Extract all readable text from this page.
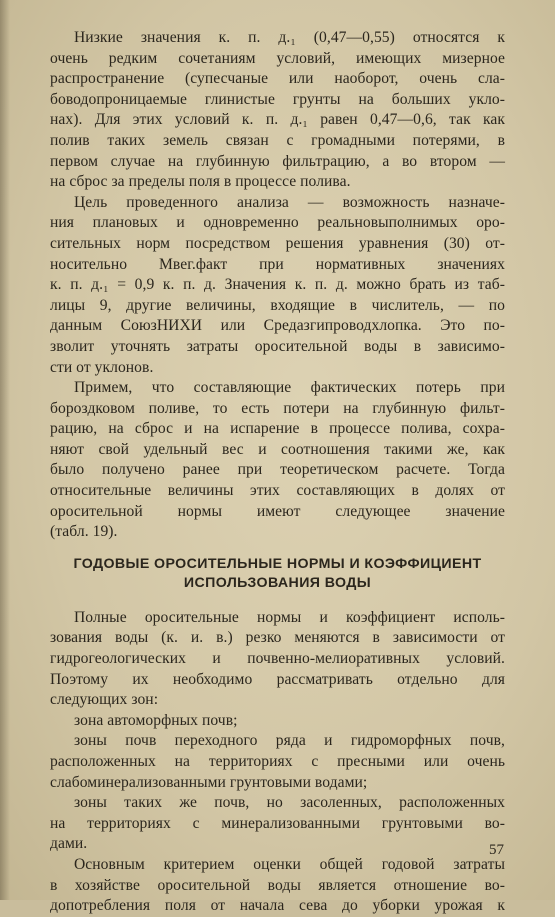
Низкие значения к. п. д.₁ (0,47—0,55) относятся к
очень редким сочетаниям условий, имеющих мизерное
распространение (супесчаные или наоборот, очень сла-
бoводопроницаемые глинистые грунты на больших уклo-
нах). Для этих условий к. п. д.₁ равен 0,47—0,6, так как
полив таких земель связан с громадными потерями, в
первом случае на глубинную фильтрацию, а во втором —
на сброс за пределы поля в процессе полива.
Цель проведенного анализа — возможность назначе-
ния плановых и одновременно реальновыполнимых оро-
сительных норм посредством решения уравнения (30) от-
носительно Мвег.факт при нормативных значениях
к. п. д.₁ = 0,9 к. п. д. Значения к. п. д. можно брать из таб-
лицы 9, другие величины, входящие в числитель, — по
данным СоюзНИХИ или Средазгипроводхлопка. Это по-
зволит уточнять затраты оросительной воды в зависимо-
сти от уклонов.
Примем, что составляющие фактических потерь при
бороздковом поливе, то есть потери на глубинную фильт-
рацию, на сброс и на испарение в процессе полива, сохра-
няют свой удельный вес и соотношения такими же, как
было получено ранее при теоретическом расчете. Тогда
относительные величины этих составляющих в долях от
оросительной нормы имеют следующее значение
(табл. 19).
ГОДОВЫЕ ОРОСИТЕЛЬНЫЕ НОРМЫ И КОЭФФИЦИЕНТ
ИСПОЛЬЗОВАНИЯ ВОДЫ
Полные оросительные нормы и коэффициент исполь-
зования воды (к. и. в.) резко меняются в зависимости от
гидрогеологических и почвенно-мелиоративных условий.
Поэтому их необходимо рассматривать отдельно для
следующих зон:
зона автоморфных почв;
зоны почв переходного ряда и гидроморфных почв,
расположенных на территориях с пресными или очень
слабоминерализованными грунтовыми водами;
зоны таких же почв, но засоленных, расположенных
на территориях с минерализованными грунтовыми во-
дами.
Основным критерием оценки общей годовой затраты
в хозяйстве оросительной воды является отношение во-
допотребления поля от начала сева до уборки урожая к
57
